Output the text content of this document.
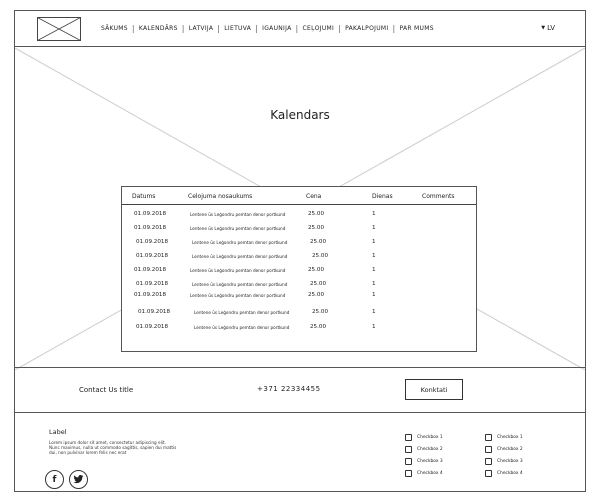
SĀKUMS | KALENDĀRS | LATVIJA | LIETUVA | IGAUNIJA | CEĻOJUMI | PAKALPOJUMI | PAR MUMS	▼ LV
Kalendars
Datums	Celojuma nosaukums	Cena	Dienas	Comments
01.09.2018	Lentene ūs Leģondru pemtan denor portkund	25.00	1
01.09.2018	Lentene ūs Leģondru pemtan denor portkund	25.00	1
01.09.2018	Lentene ūs Leģondru pemtan denor portkund	25.00	1
01.09.2018	Lentene ūs Leģondru pemtan denor portkund	25.00	1
01.09.2018	Lentene ūs Leģondru pemtan denor portkund	25.00	1
01.09.2018	Lentene ūs Leģondru pemtan denor portkund	25.00	1
01.09.2018	Lentene ūs Leģondru pemtan denor portkund	25.00	1
01.09.2018	Lentene ūs Leģondru pemtan denor portkund	25.00	1
01.09.2018	Lentene ūs Leģondru pemtan denor portkund	25.00	1
Contact Us title	+371 22334455	Konktati
Label

Lorem ipsum dolor sit amet, consectetur adipiscing elit. Nunc maximus, nulla ut commodo sagittis, sapien dui mattis dui, non pulvinar lorem felis nec erat

f
Checkbox 1
Checkbox 2
Checkbox 3
Checkbox 4
Checkbox 1
Checkbox 2
Checkbox 3
Checkbox 4
